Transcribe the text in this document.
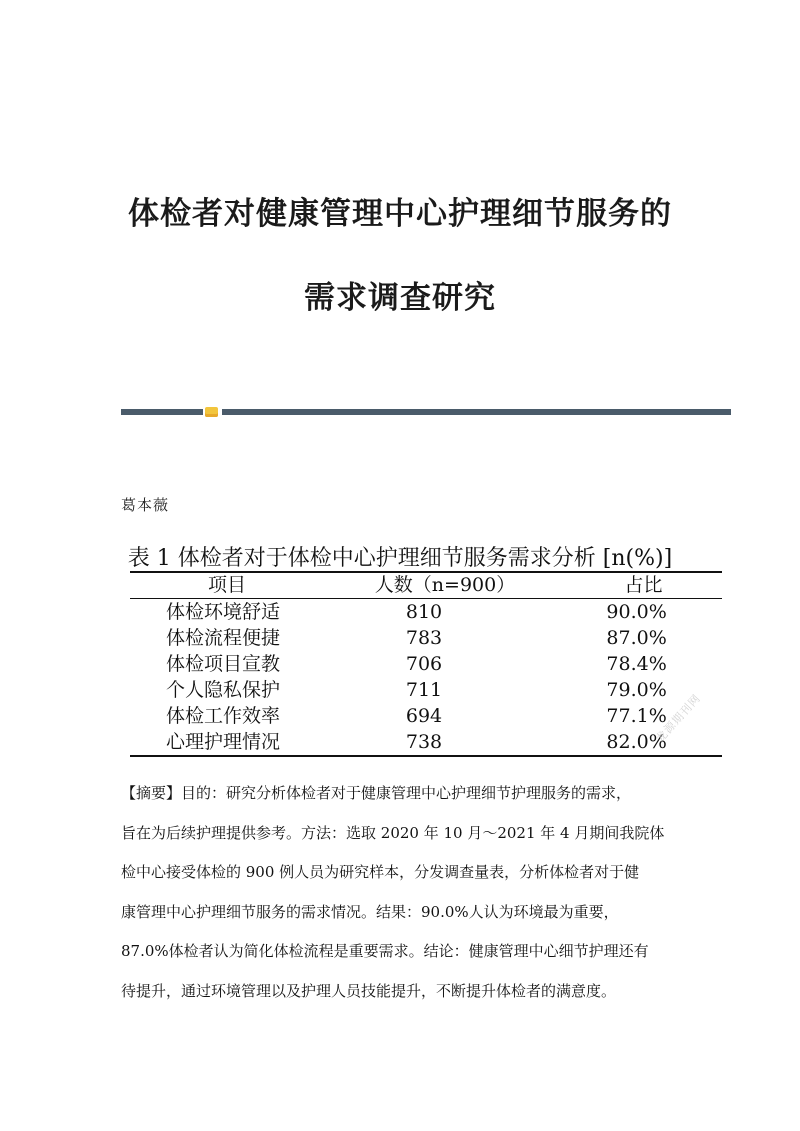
体检者对健康管理中心护理细节服务的
需求调查研究
葛本薇
表 1 体检者对于体检中心护理细节服务需求分析 [n(%)]
项目	人数（n=900）	占比
体检环境舒适	810	90.0%
体检流程便捷	783	87.0%
体检项目宣教	706	78.4%
个人隐私保护	711	79.0%
体检工作效率	694	77.1%
心理护理情况	738	82.0%
龙源期刊网
【摘要】目的：研究分析体检者对于健康管理中心护理细节护理服务的需求，
旨在为后续护理提供参考。方法：选取 2020 年 10 月～2021 年 4 月期间我院体
检中心接受体检的 900 例人员为研究样本，分发调查量表，分析体检者对于健
康管理中心护理细节服务的需求情况。结果：90.0%人认为环境最为重要，
87.0%体检者认为简化体检流程是重要需求。结论：健康管理中心细节护理还有
待提升，通过环境管理以及护理人员技能提升，不断提升体检者的满意度。
